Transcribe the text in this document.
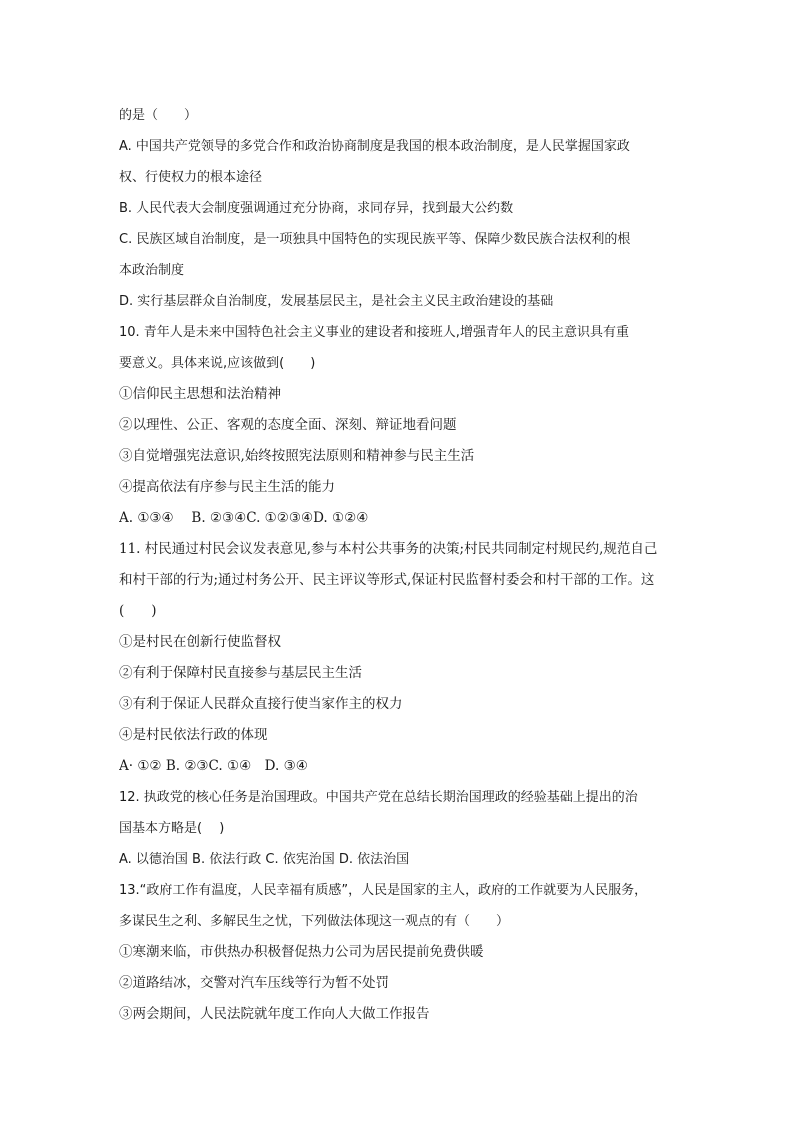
的是（　　）
A. 中国共产党领导的多党合作和政治协商制度是我国的根本政治制度，是人民掌握国家政
权、行使权力的根本途径
B. 人民代表大会制度强调通过充分协商，求同存异，找到最大公约数
C. 民族区域自治制度，是一项独具中国特色的实现民族平等、保障少数民族合法权利的根
本政治制度
D. 实行基层群众自治制度，发展基层民主，是社会主义民主政治建设的基础
10. 青年人是未来中国特色社会主义事业的建设者和接班人,增强青年人的民主意识具有重
要意义。具体来说,应该做到(　　)
①信仰民主思想和法治精神
②以理性、公正、客观的态度全面、深刻、辩证地看问题
③自觉增强宪法意识,始终按照宪法原则和精神参与民主生活
④提高依法有序参与民主生活的能力
A. ①③④　 B. ②③④C. ①②③④D. ①②④
11. 村民通过村民会议发表意见,参与本村公共事务的决策;村民共同制定村规民约,规范自己
和村干部的行为;通过村务公开、民主评议等形式,保证村民监督村委会和村干部的工作。这
(　　)
①是村民在创新行使监督权
②有利于保障村民直接参与基层民主生活
③有利于保证人民群众直接行使当家作主的权力
④是村民依法行政的体现
A· ①② B. ②③C. ①④　D. ③④
12. 执政党的核心任务是治国理政。中国共产党在总结长期治国理政的经验基础上提出的治
国基本方略是(　 )
A. 以德治国 B. 依法行政 C. 依宪治国 D. 依法治国
13.“政府工作有温度，人民幸福有质感”，人民是国家的主人，政府的工作就要为人民服务，
多谋民生之利、多解民生之忧，下列做法体现这一观点的有（　　）
①寒潮来临，市供热办积极督促热力公司为居民提前免费供暖
②道路结冰，交警对汽车压线等行为暂不处罚
③两会期间，人民法院就年度工作向人大做工作报告
